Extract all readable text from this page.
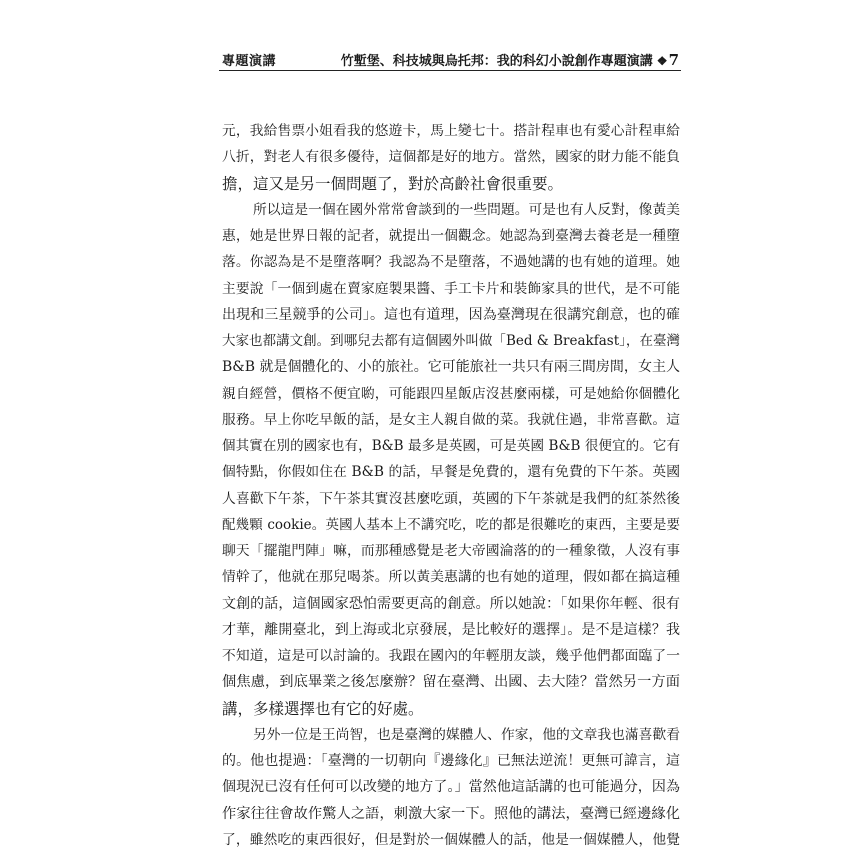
專題演講	竹塹堡、科技城與烏托邦：我的科幻小說創作專題演講 ❖7
元，我給售票小姐看我的悠遊卡，馬上變七十。搭計程車也有愛心計程車給
八折，對老人有很多優待，這個都是好的地方。當然，國家的財力能不能負
擔，這又是另一個問題了，對於高齡社會很重要。
所以這是一個在國外常常會談到的一些問題。可是也有人反對，像黃美
惠，她是世界日報的記者，就提出一個觀念。她認為到臺灣去養老是一種墮
落。你認為是不是墮落啊？我認為不是墮落，不過她講的也有她的道理。她
主要說「一個到處在賣家庭製果醬、手工卡片和裝飾家具的世代，是不可能
出現和三星競爭的公司」。這也有道理，因為臺灣現在很講究創意，也的確
大家也都講文創。到哪兒去都有這個國外叫做「Bed & Breakfast」，在臺灣
B&B 就是個體化的、小的旅社。它可能旅社一共只有兩三間房間，女主人
親自經營，價格不便宜喲，可能跟四星飯店沒甚麼兩樣，可是她給你個體化
服務。早上你吃早飯的話，是女主人親自做的菜。我就住過，非常喜歡。這
個其實在別的國家也有，B&B 最多是英國，可是英國 B&B 很便宜的。它有
個特點，你假如住在 B&B 的話，早餐是免費的，還有免費的下午茶。英國
人喜歡下午茶，下午茶其實沒甚麼吃頭，英國的下午茶就是我們的紅茶然後
配幾顆 cookie。英國人基本上不講究吃，吃的都是很難吃的東西，主要是要
聊天「擺龍門陣」嘛，而那種感覺是老大帝國淪落的的一種象徵，人沒有事
情幹了，他就在那兒喝茶。所以黃美惠講的也有她的道理，假如都在搞這種
文創的話，這個國家恐怕需要更高的創意。所以她說：「如果你年輕、很有
才華，離開臺北，到上海或北京發展，是比較好的選擇」。是不是這樣？我
不知道，這是可以討論的。我跟在國內的年輕朋友談，幾乎他們都面臨了一
個焦慮，到底畢業之後怎麼辦？留在臺灣、出國、去大陸？當然另一方面
講，多樣選擇也有它的好處。
另外一位是王尚智，也是臺灣的媒體人、作家，他的文章我也滿喜歡看
的。他也提過：「臺灣的一切朝向『邊緣化』已無法逆流！更無可諱言，這
個現況已沒有任何可以改變的地方了。」當然他這話講的也可能過分，因為
作家往往會故作驚人之語，刺激大家一下。照他的講法，臺灣已經邊緣化
了，雖然吃的東西很好，但是對於一個媒體人的話，他是一個媒體人，他覺
